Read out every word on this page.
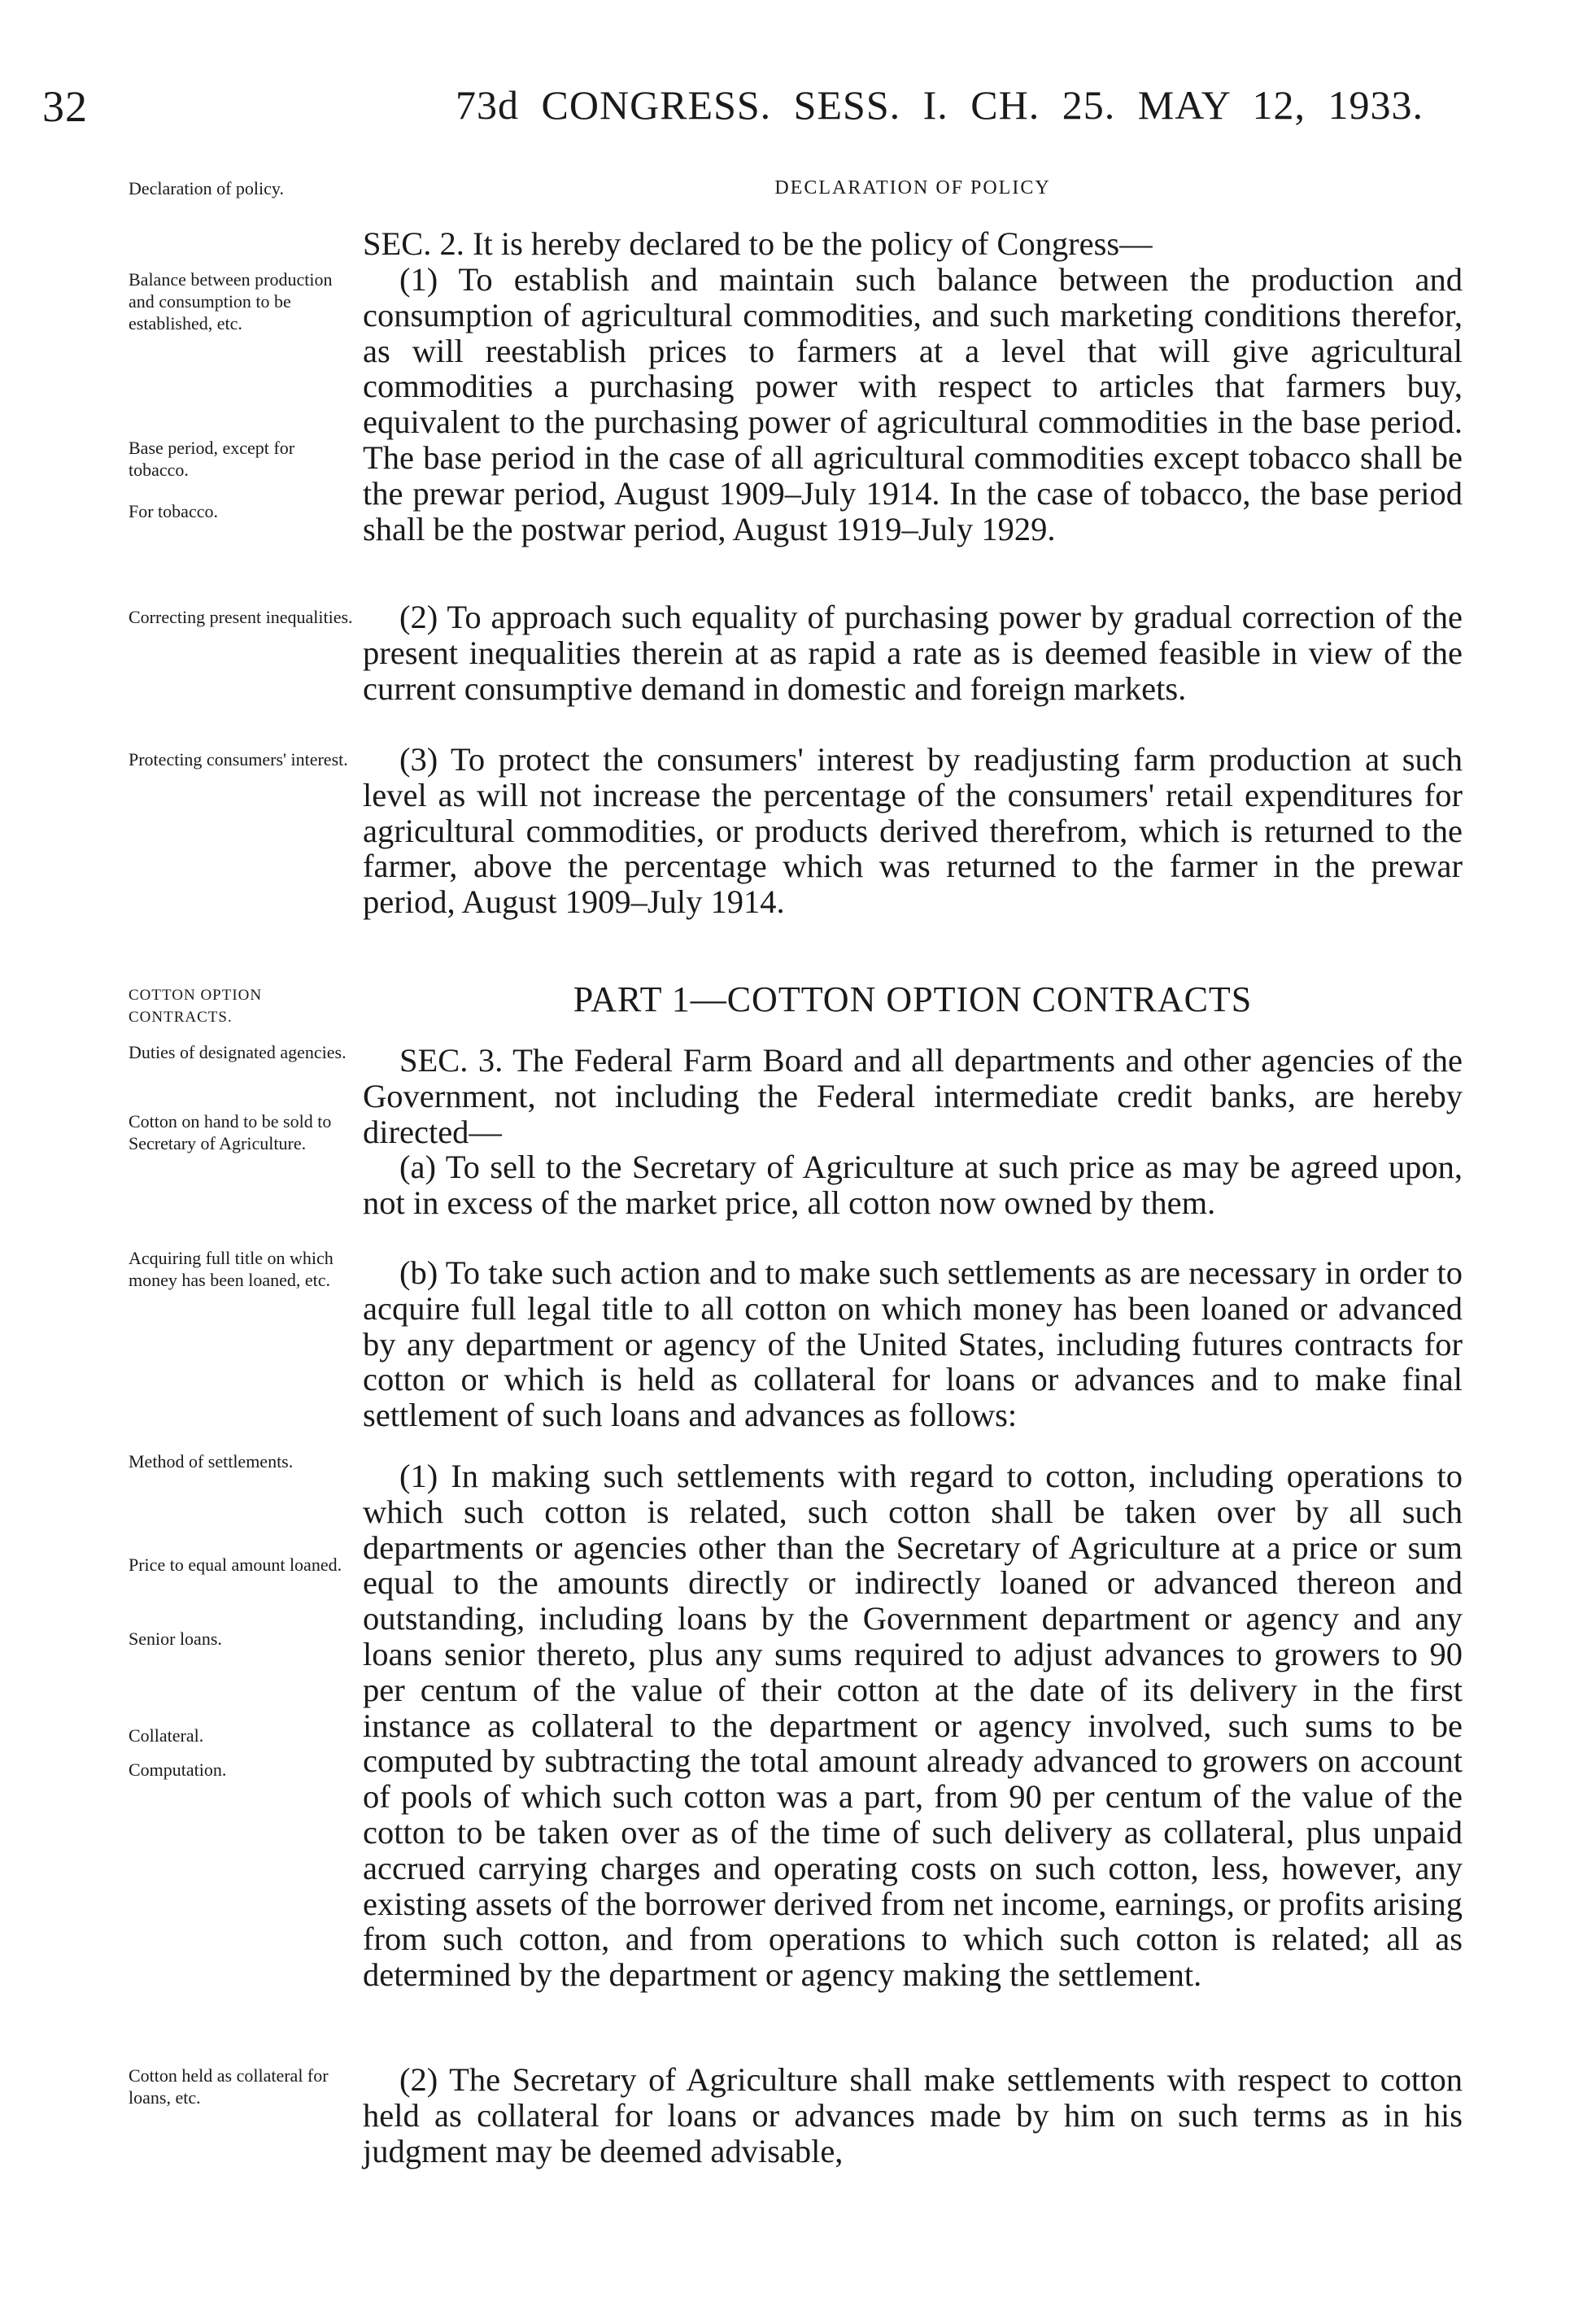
32	73d CONGRESS. SESS. I. CH. 25. MAY 12, 1933.
Declaration of policy.
Balance between production and consumption to be established, etc.
Base period, except for tobacco.
For tobacco.
Correcting present inequalities.
Protecting consumers' interest.
COTTON OPTION CONTRACTS.
Duties of designated agencies.
Cotton on hand to be sold to Secretary of Agriculture.
Acquiring full title on which money has been loaned, etc.
Method of settlements.
Price to equal amount loaned.
Senior loans.
Collateral.
Computation.
Cotton held as collateral for loans, etc.
DECLARATION OF POLICY
SEC. 2. It is hereby declared to be the policy of Congress—
(1) To establish and maintain such balance between the production and consumption of agricultural commodities, and such marketing conditions therefor, as will reestablish prices to farmers at a level that will give agricultural commodities a purchasing power with respect to articles that farmers buy, equivalent to the purchasing power of agricultural commodities in the base period. The base period in the case of all agricultural commodities except tobacco shall be the prewar period, August 1909–July 1914. In the case of tobacco, the base period shall be the postwar period, August 1919–July 1929.
(2) To approach such equality of purchasing power by gradual correction of the present inequalities therein at as rapid a rate as is deemed feasible in view of the current consumptive demand in domestic and foreign markets.
(3) To protect the consumers' interest by readjusting farm production at such level as will not increase the percentage of the consumers' retail expenditures for agricultural commodities, or products derived therefrom, which is returned to the farmer, above the percentage which was returned to the farmer in the prewar period, August 1909–July 1914.
PART 1—COTTON OPTION CONTRACTS
SEC. 3. The Federal Farm Board and all departments and other agencies of the Government, not including the Federal intermediate credit banks, are hereby directed—
(a) To sell to the Secretary of Agriculture at such price as may be agreed upon, not in excess of the market price, all cotton now owned by them.
(b) To take such action and to make such settlements as are necessary in order to acquire full legal title to all cotton on which money has been loaned or advanced by any department or agency of the United States, including futures contracts for cotton or which is held as collateral for loans or advances and to make final settlement of such loans and advances as follows:
(1) In making such settlements with regard to cotton, including operations to which such cotton is related, such cotton shall be taken over by all such departments or agencies other than the Secretary of Agriculture at a price or sum equal to the amounts directly or indirectly loaned or advanced thereon and outstanding, including loans by the Government department or agency and any loans senior thereto, plus any sums required to adjust advances to growers to 90 per centum of the value of their cotton at the date of its delivery in the first instance as collateral to the department or agency involved, such sums to be computed by subtracting the total amount already advanced to growers on account of pools of which such cotton was a part, from 90 per centum of the value of the cotton to be taken over as of the time of such delivery as collateral, plus unpaid accrued carrying charges and operating costs on such cotton, less, however, any existing assets of the borrower derived from net income, earnings, or profits arising from such cotton, and from operations to which such cotton is related; all as determined by the department or agency making the settlement.
(2) The Secretary of Agriculture shall make settlements with respect to cotton held as collateral for loans or advances made by him on such terms as in his judgment may be deemed advisable,
